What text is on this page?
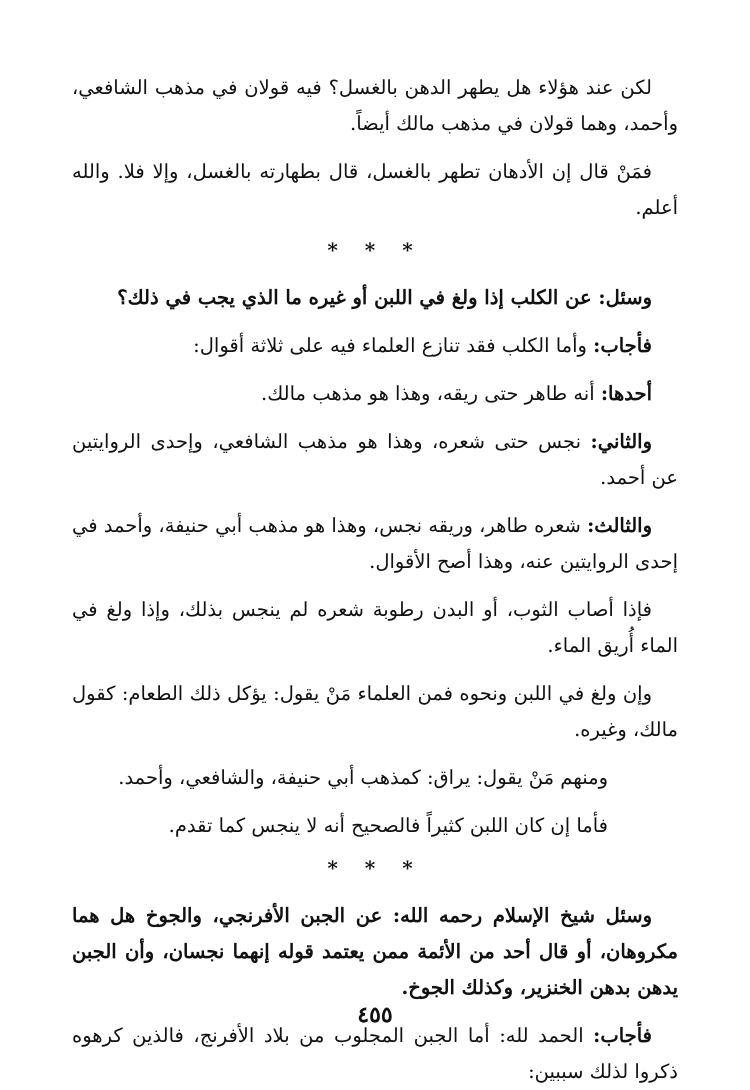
لكن عند هؤلاء هل يطهر الدهن بالغسل؟ فيه قولان في مذهب الشافعي، وأحمد، وهما قولان في مذهب مالك أيضاً.

فمَنْ قال إن الأدهان تطهر بالغسل، قال بطهارته بالغسل، وإلا فلا. والله أعلم.

* * *

وسئل: عن الكلب إذا ولغ في اللبن أو غيره ما الذي يجب في ذلك؟

فأجاب: وأما الكلب فقد تنازع العلماء فيه على ثلاثة أقوال:

أحدها: أنه طاهر حتى ريقه، وهذا هو مذهب مالك.

والثاني: نجس حتى شعره، وهذا هو مذهب الشافعي، وإحدى الروايتين عن أحمد.

والثالث: شعره طاهر، وريقه نجس، وهذا هو مذهب أبي حنيفة، وأحمد في إحدى الروايتين عنه، وهذا أصح الأقوال.

فإذا أصاب الثوب، أو البدن رطوبة شعره لم ينجس بذلك، وإذا ولغ في الماء أُريق الماء.

وإن ولغ في اللبن ونحوه فمن العلماء مَنْ يقول: يؤكل ذلك الطعام: كقول مالك، وغيره.

ومنهم مَنْ يقول: يراق: كمذهب أبي حنيفة، والشافعي، وأحمد.

فأما إن كان اللبن كثيراً فالصحيح أنه لا ينجس كما تقدم.

* * *

وسئل شيخ الإسلام رحمه الله: عن الجبن الأفرنجي، والجوخ هل هما مكروهان، أو قال أحد من الأئمة ممن يعتمد قوله إنهما نجسان، وأن الجبن يدهن بدهن الخنزير، وكذلك الجوخ.

فأجاب: الحمد لله: أما الجبن المجلوب من بلاد الأفرنج، فالذين كرهوه ذكروا لذلك سببين:

٤٥٥
